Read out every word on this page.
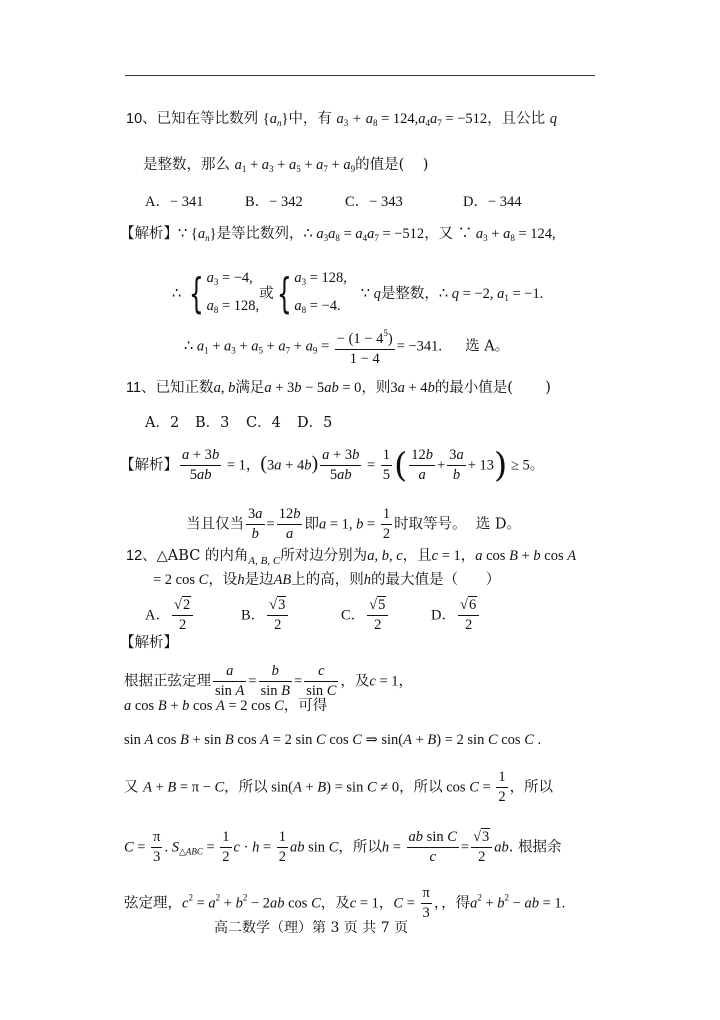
10、已知在等比数列 $\{a_n\}$中，有 $a_3 + a_8 = 124,a_4a_7 = -512$，且公比 q
是整数，那么 $a_1 + a_3 + a_5 + a_7 + a_9$的值是( )
A．− 341	B．− 342	C．− 343	D．− 344
【解析】∵ $\{a_n\}$是等比数列，∴ $a_3a_8 = a_4a_7 = -512$，又 ∵ $a_3 + a_8 = 124$,
∴ { $a_3 = -4$,
$a_8 = 128$,
或{ $a_3 = 128$,
$a_8 = -4$.
∵ q是整数，∴ q = −2, $a_1 = -1$.
∴ $a_1 + a_3 + a_5 + a_7 + a_9 = \frac{- (1 - 4^5)}{1 - 4} = -341$. 选 A。
11、已知正数a, b满足a + 3b − 5ab = 0，则3a + 4b的最小值是( )
A．2 B．3 C．4 D．5
【解析】 $\frac{a + 3b}{5ab} = 1$，$(3a + 4b) \frac{a + 3b}{5ab} = \frac{1}{5}$ ( $\frac{12b}{a} + \frac{3a}{b} + 13) \ge 5$。
当且仅当 $\frac{3a}{b} = \frac{12b}{a}$ 即a = 1, $b = \frac{1}{2}$ 时取等号。 选 D。
12、△ABC 的内角$_{A, B, C}$所对边分别为a, b, c，且c = 1，a cos B + b cos A
= 2 cos C，设h是边AB上的高，则h的最大值是（ ）
A． $\frac{√2}{2}$	B． $\frac{√3}{2}$	C． $\frac{√5}{2}$	D． $\frac{√6}{2}$
【解析】
根据正弦定理 $\frac{a}{\text{sin A}} = \frac{b}{\text{sin B}} = \frac{c}{\text{sin C}}$ ，及c = 1，
a cos B + b cos A = 2 cos C，可得
sin A cos B + sin B cos A = 2 sin C cos C ⇒ sin(A + B) = 2 sin C cos C .
又 A + B = π − C，所以 sin(A + B) = sin C ≠ 0，所以 $\cos C = \frac{1}{2}$ ，所以
$C = \frac{\pi}{3}$ . $S_{\triangle ABC} = \frac{1}{2}$ $c \cdot h = \frac{1}{2}$ ab sin C，所以$h = \frac{\text{ab sin C}}{c} = \frac{√3}{2}$ ab. 根据余
弦定理，$c^2 = a^2 + b^2 - 2ab$ cos C，及c = 1，$C = \frac{\pi}{3}$ ，，得$a^2 + b^2$ − ab = 1.
高二数学（理）第 3 页 共 7 页
